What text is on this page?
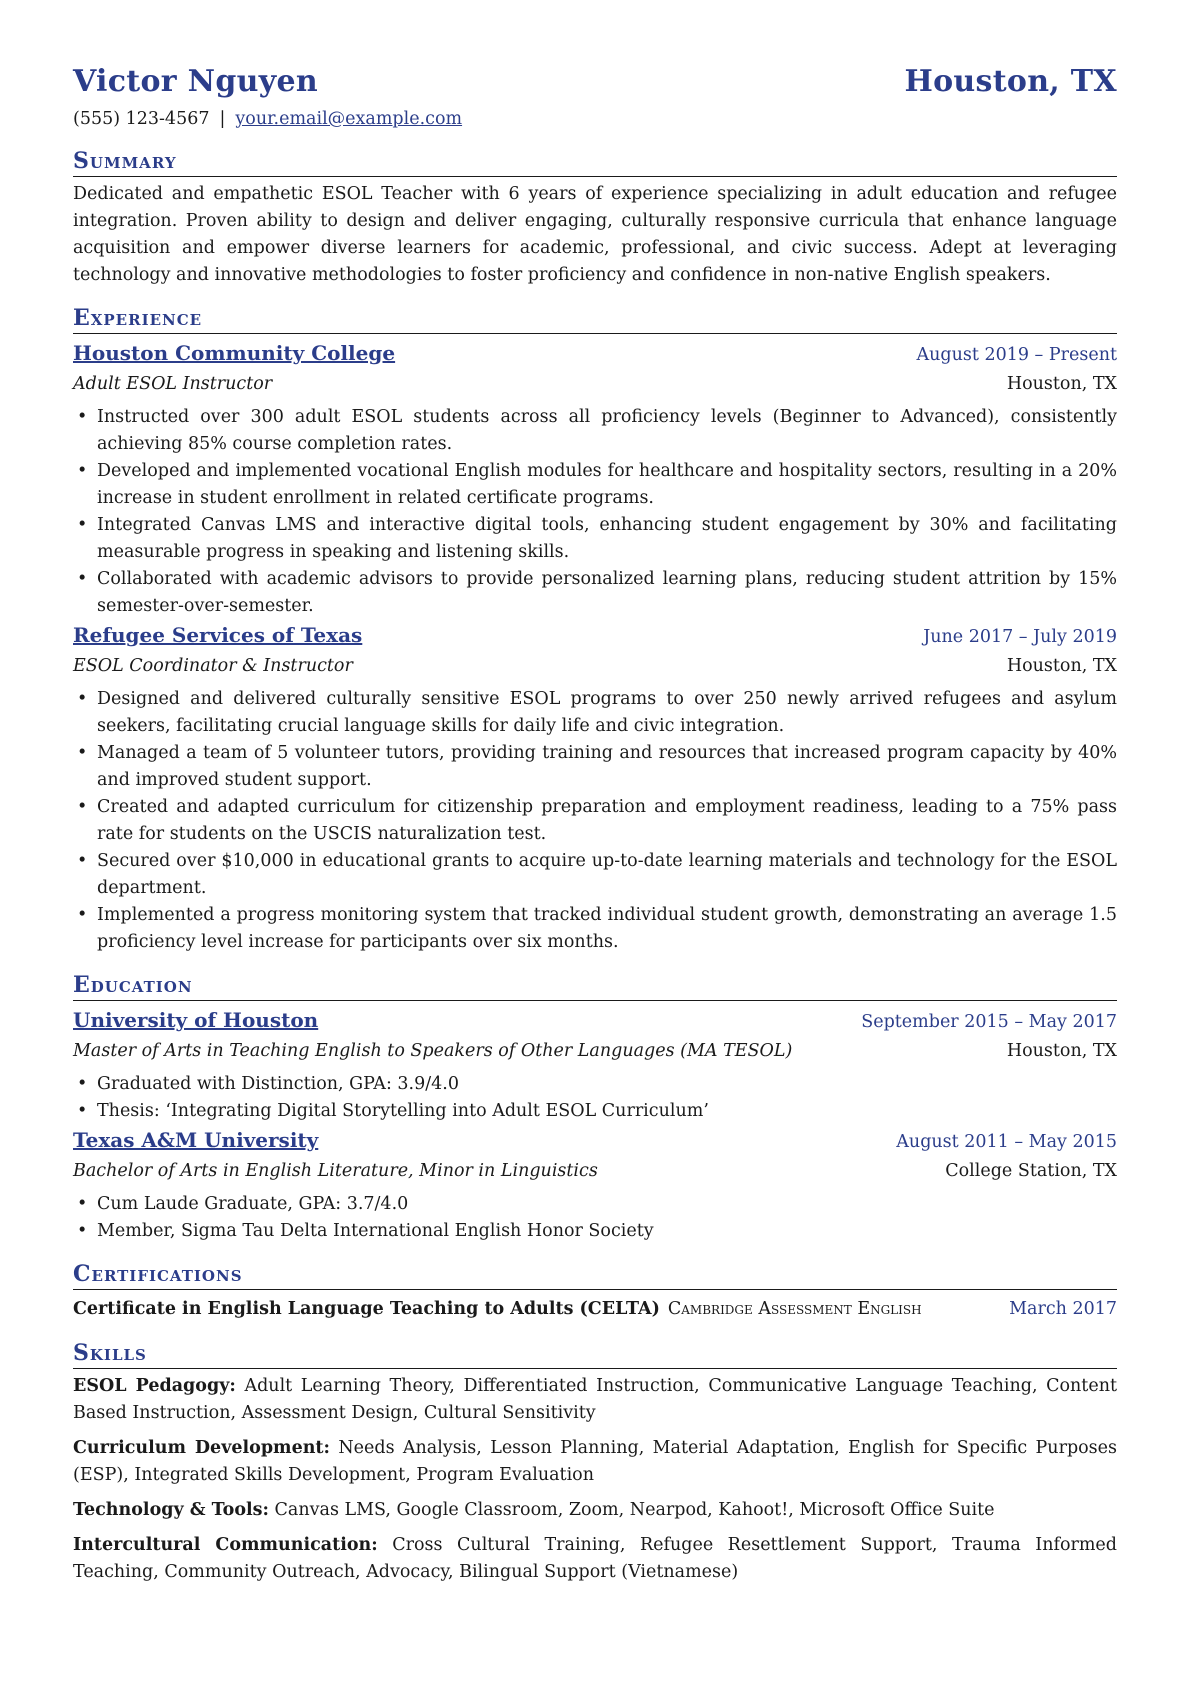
Victor Nguyen	Houston, TX
(555) 123-4567 | your.email@example.com
Summary
Dedicated and empathetic ESOL Teacher with 6 years of experience specializing in adult education and refugee integration. Proven ability to design and deliver engaging, culturally responsive curricula that enhance language acquisition and empower diverse learners for academic, professional, and civic success. Adept at leveraging technology and innovative methodologies to foster proficiency and confidence in non-native English speakers.
Experience
Houston Community College	August 2019 – Present
Adult ESOL Instructor	Houston, TX
• Instructed over 300 adult ESOL students across all proficiency levels (Beginner to Advanced), consistently achieving 85% course completion rates.
• Developed and implemented vocational English modules for healthcare and hospitality sectors, resulting in a 20% increase in student enrollment in related certificate programs.
• Integrated Canvas LMS and interactive digital tools, enhancing student engagement by 30% and facilitating measurable progress in speaking and listening skills.
• Collaborated with academic advisors to provide personalized learning plans, reducing student attrition by 15% semester-over-semester.
Refugee Services of Texas	June 2017 – July 2019
ESOL Coordinator & Instructor	Houston, TX
• Designed and delivered culturally sensitive ESOL programs to over 250 newly arrived refugees and asylum seekers, facilitating crucial language skills for daily life and civic integration.
• Managed a team of 5 volunteer tutors, providing training and resources that increased program capacity by 40% and improved student support.
• Created and adapted curriculum for citizenship preparation and employment readiness, leading to a 75% pass rate for students on the USCIS naturalization test.
• Secured over $10,000 in educational grants to acquire up-to-date learning materials and technology for the ESOL department.
• Implemented a progress monitoring system that tracked individual student growth, demonstrating an average 1.5 proficiency level increase for participants over six months.
Education
University of Houston	September 2015 – May 2017
Master of Arts in Teaching English to Speakers of Other Languages (MA TESOL)	Houston, TX
• Graduated with Distinction, GPA: 3.9/4.0
• Thesis: ‘Integrating Digital Storytelling into Adult ESOL Curriculum’
Texas A&M University	August 2011 – May 2015
Bachelor of Arts in English Literature, Minor in Linguistics	College Station, TX
• Cum Laude Graduate, GPA: 3.7/4.0
• Member, Sigma Tau Delta International English Honor Society
Certifications
Certificate in English Language Teaching to Adults (CELTA) Cambridge Assessment English	March 2017
Skills
ESOL Pedagogy: Adult Learning Theory, Differentiated Instruction, Communicative Language Teaching, Content Based Instruction, Assessment Design, Cultural Sensitivity
Curriculum Development: Needs Analysis, Lesson Planning, Material Adaptation, English for Specific Purposes (ESP), Integrated Skills Development, Program Evaluation
Technology & Tools: Canvas LMS, Google Classroom, Zoom, Nearpod, Kahoot!, Microsoft Office Suite
Intercultural Communication: Cross Cultural Training, Refugee Resettlement Support, Trauma Informed Teaching, Community Outreach, Advocacy, Bilingual Support (Vietnamese)
